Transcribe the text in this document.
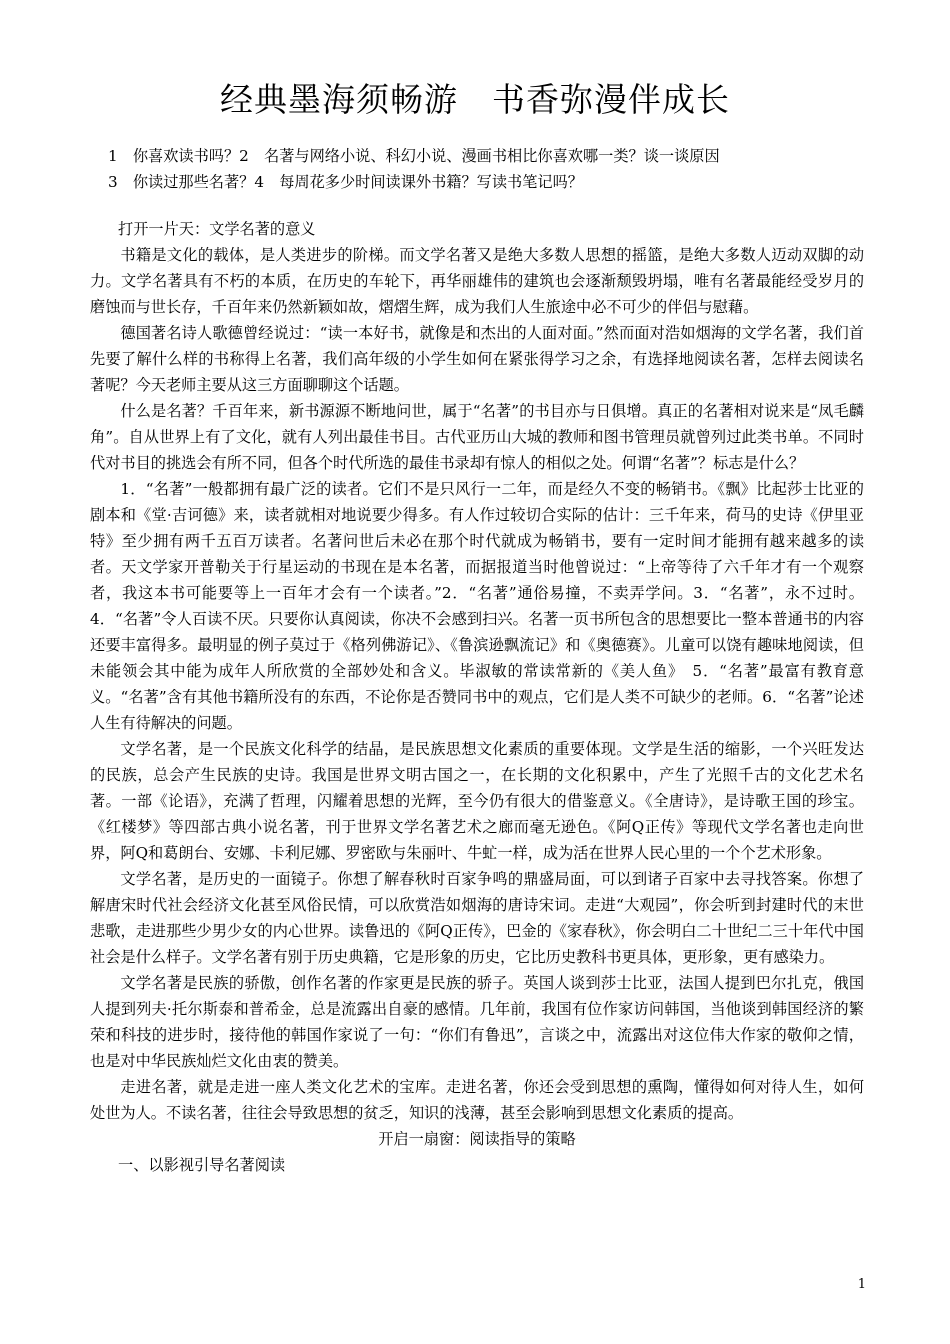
经典墨海须畅游　书香弥漫伴成长

1　你喜欢读书吗？2　名著与网络小说、科幻小说、漫画书相比你喜欢哪一类？谈一谈原因

3　你读过那些名著？4　每周花多少时间读课外书籍？写读书笔记吗？

打开一片天：文学名著的意义

书籍是文化的载体，是人类进步的阶梯。而文学名著又是绝大多数人思想的摇篮，是绝大多数人迈动双脚的动力。文学名著具有不朽的本质，在历史的车轮下，再华丽雄伟的建筑也会逐渐颓毁坍塌，唯有名著最能经受岁月的磨蚀而与世长存，千百年来仍然新颖如故，熠熠生辉，成为我们人生旅途中必不可少的伴侣与慰藉。

德国著名诗人歌德曾经说过：“读一本好书，就像是和杰出的人面对面。”然而面对浩如烟海的文学名著，我们首先要了解什么样的书称得上名著，我们高年级的小学生如何在紧张得学习之余，有选择地阅读名著，怎样去阅读名著呢？今天老师主要从这三方面聊聊这个话题。

什么是名著？千百年来，新书源源不断地问世，属于“名著”的书目亦与日俱增。真正的名著相对说来是“凤毛麟角”。自从世界上有了文化，就有人列出最佳书目。古代亚历山大城的教师和图书管理员就曾列过此类书单。不同时代对书目的挑选会有所不同，但各个时代所选的最佳书录却有惊人的相似之处。何谓“名著”？标志是什么？

1．“名著”一般都拥有最广泛的读者。它们不是只风行一二年，而是经久不变的畅销书。《飘》比起莎士比亚的剧本和《堂·吉诃德》来，读者就相对地说要少得多。有人作过较切合实际的估计：三千年来，荷马的史诗《伊里亚特》至少拥有两千五百万读者。名著问世后未必在那个时代就成为畅销书，要有一定时间才能拥有越来越多的读者。天文学家开普勒关于行星运动的书现在是本名著，而据报道当时他曾说过：“上帝等待了六千年才有一个观察者，我这本书可能要等上一百年才会有一个读者。”2．“名著”通俗易撞，不卖弄学问。3．“名著”，永不过时。4．“名著”令人百读不厌。只要你认真阅读，你决不会感到扫兴。名著一页书所包含的思想要比一整本普通书的内容还要丰富得多。最明显的例子莫过于《格列佛游记》、《鲁滨逊飘流记》和《奥德赛》。儿童可以饶有趣味地阅读，但未能领会其中能为成年人所欣赏的全部妙处和含义。毕淑敏的常读常新的《美人鱼》　5．“名著”最富有教育意义。“名著”含有其他书籍所没有的东西，不论你是否赞同书中的观点，它们是人类不可缺少的老师。6．“名著”论述人生有待解决的问题。

文学名著，是一个民族文化科学的结晶，是民族思想文化素质的重要体现。文学是生活的缩影，一个兴旺发达的民族，总会产生民族的史诗。我国是世界文明古国之一，在长期的文化积累中，产生了光照千古的文化艺术名著。一部《论语》，充满了哲理，闪耀着思想的光辉，至今仍有很大的借鉴意义。《全唐诗》，是诗歌王国的珍宝。《红楼梦》等四部古典小说名著，刊于世界文学名著艺术之廊而毫无逊色。《阿Q正传》等现代文学名著也走向世界，阿Q和葛朗台、安娜、卡利尼娜、罗密欧与朱丽叶、牛虻一样，成为活在世界人民心里的一个个艺术形象。

文学名著，是历史的一面镜子。你想了解春秋时百家争鸣的鼎盛局面，可以到诸子百家中去寻找答案。你想了解唐宋时代社会经济文化甚至风俗民情，可以欣赏浩如烟海的唐诗宋词。走进“大观园”，你会听到封建时代的末世悲歌，走进那些少男少女的内心世界。读鲁迅的《阿Q正传》，巴金的《家春秋》，你会明白二十世纪二三十年代中国社会是什么样子。文学名著有别于历史典籍，它是形象的历史，它比历史教科书更具体，更形象，更有感染力。

文学名著是民族的骄傲，创作名著的作家更是民族的骄子。英国人谈到莎士比亚，法国人提到巴尔扎克，俄国人提到列夫·托尔斯泰和普希金，总是流露出自豪的感情。几年前，我国有位作家访问韩国，当他谈到韩国经济的繁荣和科技的进步时，接待他的韩国作家说了一句：“你们有鲁迅”，言谈之中，流露出对这位伟大作家的敬仰之情，也是对中华民族灿烂文化由衷的赞美。

走进名著，就是走进一座人类文化艺术的宝库。走进名著，你还会受到思想的熏陶，懂得如何对待人生，如何处世为人。不读名著，往往会导致思想的贫乏，知识的浅薄，甚至会影响到思想文化素质的提高。

开启一扇窗：阅读指导的策略

一、以影视引导名著阅读

1
